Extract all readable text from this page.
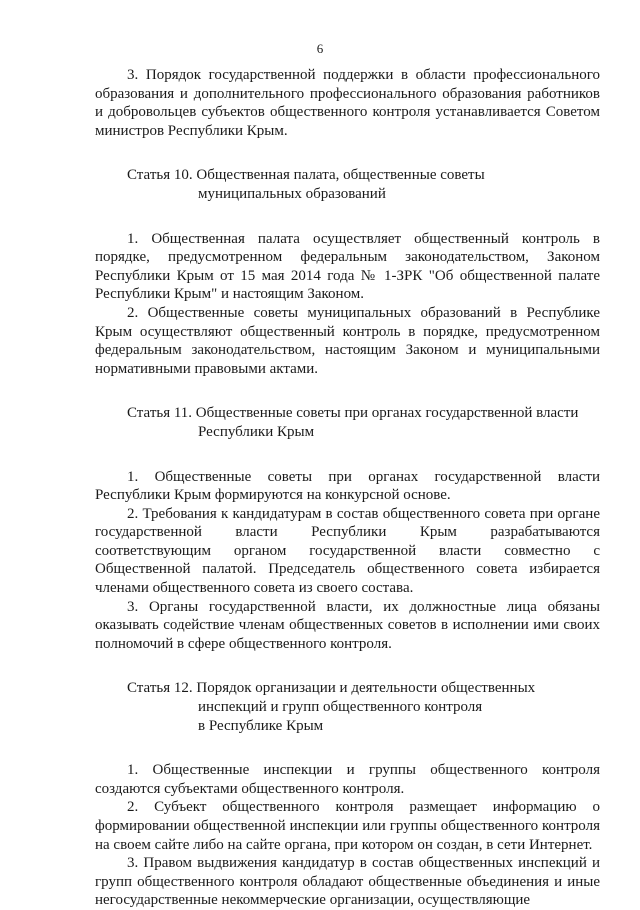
6

3. Порядок государственной поддержки в области профессионального образования и дополнительного профессионального образования работников и добровольцев субъектов общественного контроля устанавливается Советом министров Республики Крым.

Статья 10. Общественная палата, общественные советы
муниципальных образований

1. Общественная палата осуществляет общественный контроль в порядке, предусмотренном федеральным законодательством, Законом Республики Крым от 15 мая 2014 года № 1-ЗРК "Об общественной палате Республики Крым" и настоящим Законом.

2. Общественные советы муниципальных образований в Республике Крым осуществляют общественный контроль в порядке, предусмотренном федеральным законодательством, настоящим Законом и муниципальными нормативными правовыми актами.

Статья 11. Общественные советы при органах государственной власти
Республики Крым

1. Общественные советы при органах государственной власти Республики Крым формируются на конкурсной основе.

2. Требования к кандидатурам в состав общественного совета при органе государственной власти Республики Крым разрабатываются соответствующим органом государственной власти совместно с Общественной палатой. Председатель общественного совета избирается членами общественного совета из своего состава.

3. Органы государственной власти, их должностные лица обязаны оказывать содействие членам общественных советов в исполнении ими своих полномочий в сфере общественного контроля.

Статья 12. Порядок организации и деятельности общественных
инспекций и групп общественного контроля
в Республике Крым

1. Общественные инспекции и группы общественного контроля создаются субъектами общественного контроля.

2. Субъект общественного контроля размещает информацию о формировании общественной инспекции или группы общественного контроля на своем сайте либо на сайте органа, при котором он создан, в сети Интернет.

3. Правом выдвижения кандидатур в состав общественных инспекций и групп общественного контроля обладают общественные объединения и иные негосударственные некоммерческие организации, осуществляющие
